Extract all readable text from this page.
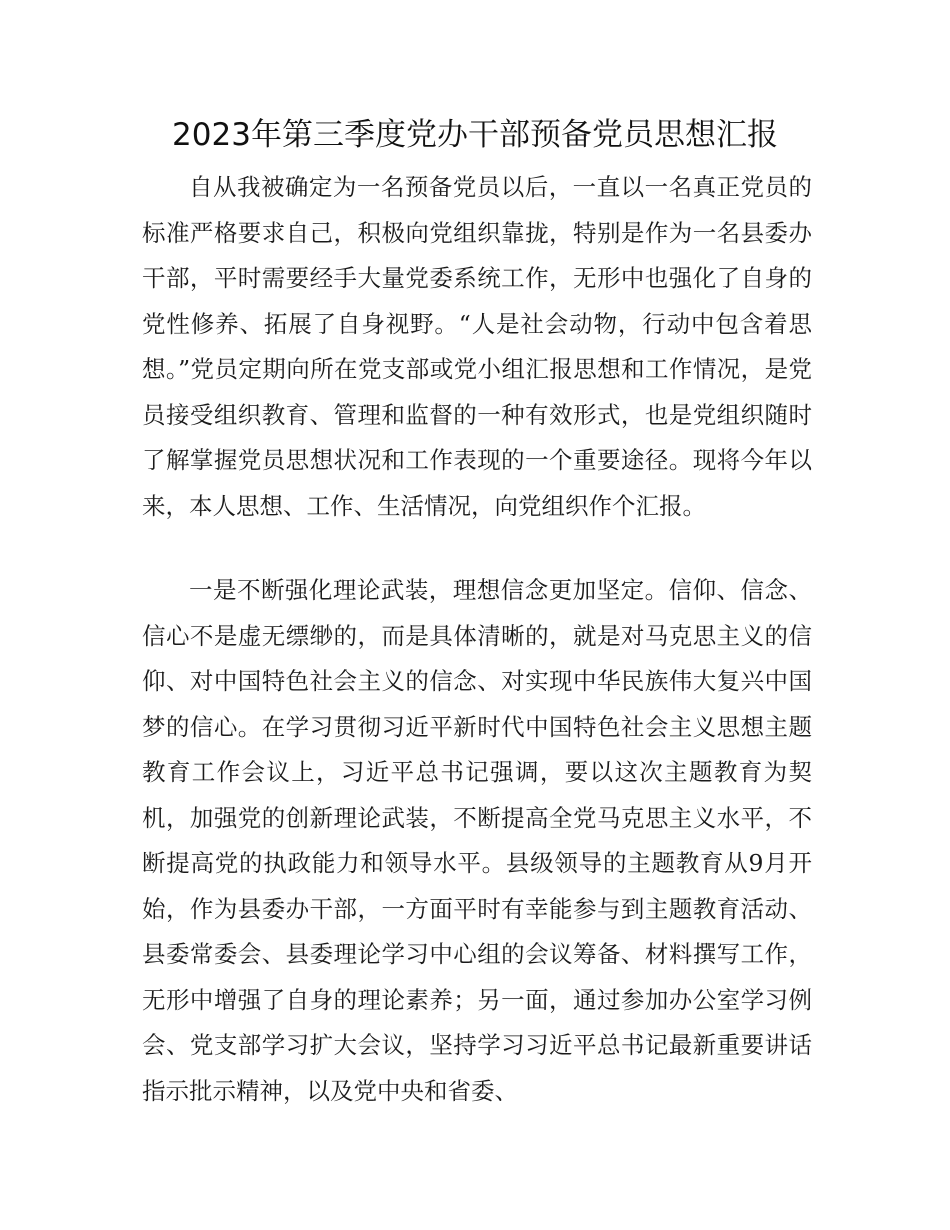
2023年第三季度党办干部预备党员思想汇报

自从我被确定为一名预备党员以后，一直以一名真正党员的标准严格要求自己，积极向党组织靠拢，特别是作为一名县委办干部，平时需要经手大量党委系统工作，无形中也强化了自身的党性修养、拓展了自身视野。“人是社会动物，行动中包含着思想。”党员定期向所在党支部或党小组汇报思想和工作情况，是党员接受组织教育、管理和监督的一种有效形式，也是党组织随时了解掌握党员思想状况和工作表现的一个重要途径。现将今年以来，本人思想、工作、生活情况，向党组织作个汇报。

一是不断强化理论武装，理想信念更加坚定。信仰、信念、信心不是虚无缥缈的，而是具体清晰的，就是对马克思主义的信仰、对中国特色社会主义的信念、对实现中华民族伟大复兴中国梦的信心。在学习贯彻习近平新时代中国特色社会主义思想主题教育工作会议上，习近平总书记强调，要以这次主题教育为契机，加强党的创新理论武装，不断提高全党马克思主义水平，不断提高党的执政能力和领导水平。县级领导的主题教育从9月开始，作为县委办干部，一方面平时有幸能参与到主题教育活动、县委常委会、县委理论学习中心组的会议筹备、材料撰写工作，无形中增强了自身的理论素养；另一面，通过参加办公室学习例会、党支部学习扩大会议，坚持学习习近平总书记最新重要讲话指示批示精神，以及党中央和省委、
